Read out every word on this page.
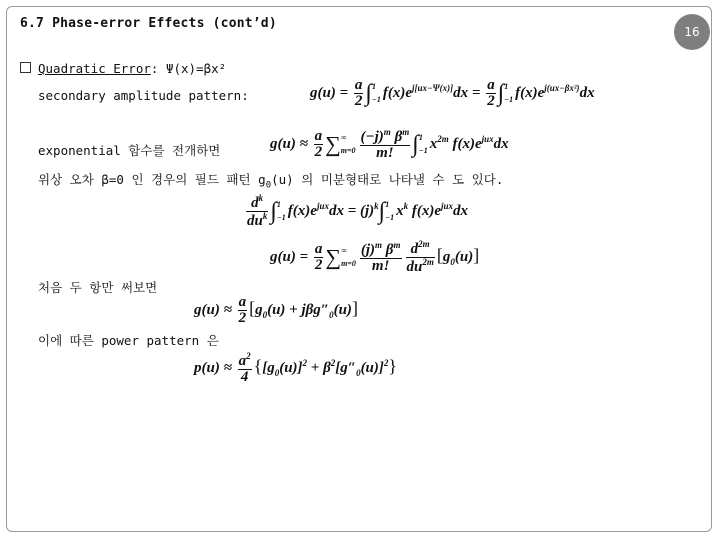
6.7 Phase-error Effects (cont’d)
16
Quadratic Error: Ψ(x)=βx²
secondary amplitude pattern:	$g(u) = \frac{a}{2} \int 1$
−1 $f(x)e^{j[ux-\Psi(x)]}dx = \frac{a}{2} \int 1$
−1 $f(x)e^{j(ux-\beta x^2)}dx$
exponential 함수를 전개하면	$g(u) \approx \frac{a}{2}$ ∑∞
$m=0 \frac{(-j)^m \beta^m}{m!} \int 1$
−1 $x^{2m}$ $f(x)e^{jux}dx$
위상 오차 β=0 인 경우의 필드 패턴 $g_0(u)$ 의 미분형태로 나타낼 수 도 있다.
$d^k$
$du^k$ ∫1
−1 $f(x)e^{jux}dx = (j)^k\int 1$
−1 $x^k$ $f(x)e^{jux}dx$
$g(u) = \frac{a}{2}$ ∑∞
$m=0 \frac{(j)^m \beta^m}{m!} \frac{d^{2m}}{du^{2m}} [g_0(u)]$
처음 두 항만 써보면
$g(u) \approx \frac{a}{2} [g_0(u) + j\beta g''_0(u)]$
이에 따른 power pattern 은
$p(u) \approx \frac{a^2}{4} \{[g_0(u)]^2 + \beta^2[g''_0(u)]^2\}$
